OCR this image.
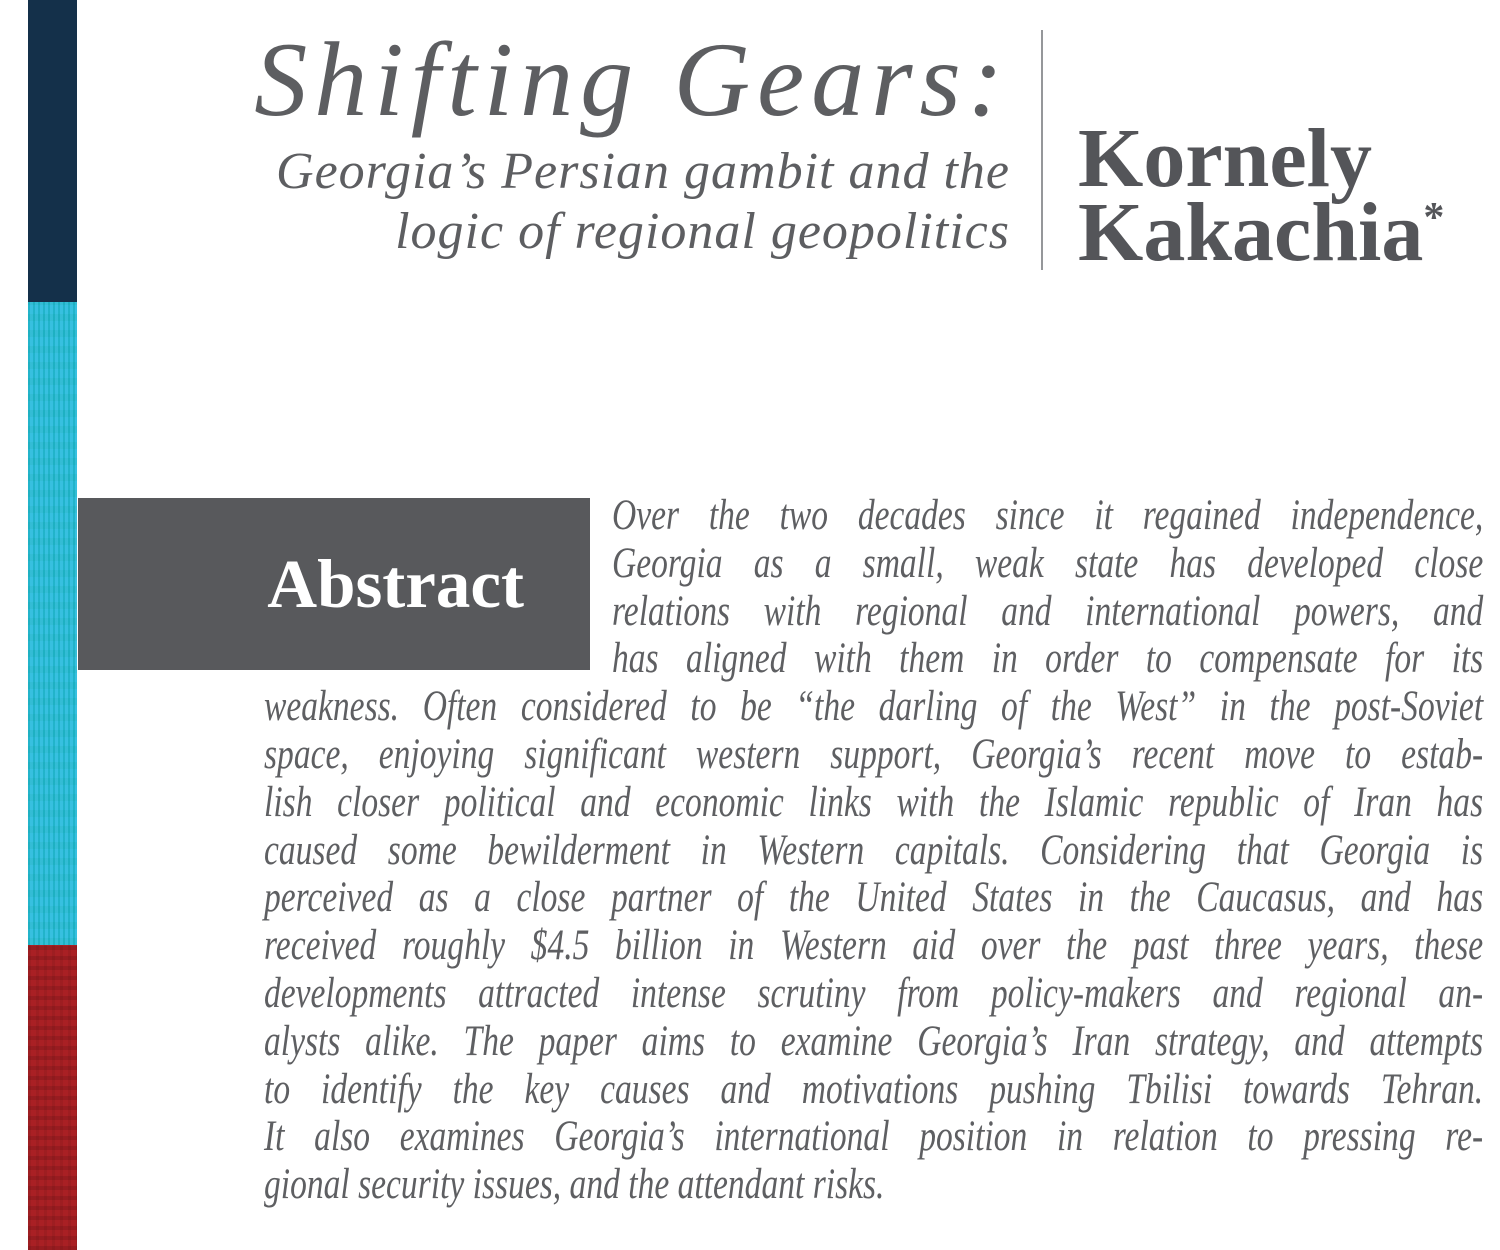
Shifting Gears:
Georgia’s Persian gambit and the
logic of regional geopolitics
Kornely
Kakachia*
Abstract
Over the two decades since it regained independence,
Georgia as a small, weak state has developed close
relations with regional and international powers, and
has aligned with them in order to compensate for its
weakness. Often considered to be “the darling of the West” in the post-Soviet
space, enjoying significant western support, Georgia’s recent move to estab-
lish closer political and economic links with the Islamic republic of Iran has
caused some bewilderment in Western capitals. Considering that Georgia is
perceived as a close partner of the United States in the Caucasus, and has
received roughly $4.5 billion in Western aid over the past three years, these
developments attracted intense scrutiny from policy-makers and regional an-
alysts alike. The paper aims to examine Georgia’s Iran strategy, and attempts
to identify the key causes and motivations pushing Tbilisi towards Tehran.
It also examines Georgia’s international position in relation to pressing re-
gional security issues, and the attendant risks.
